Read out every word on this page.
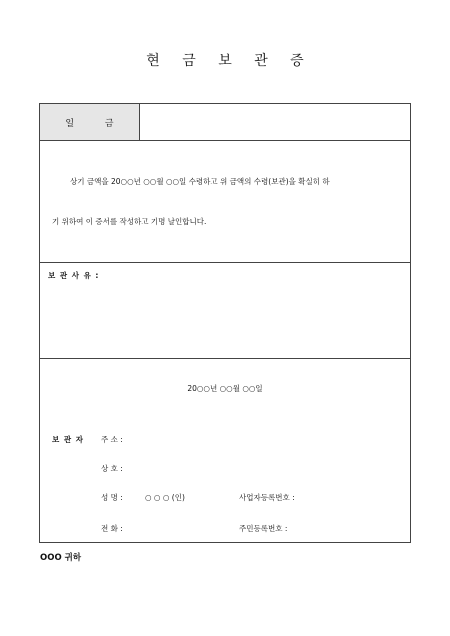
현 금 보 관 증
일 금
상기 금액을 20○○년 ○○월 ○○일 수령하고 위 금액의 수령(보관)을 확실히 하
기 위하여 이 증서를 작성하고 기명 날인합니다.
보 관 사 유 :
20○○년 ○○월 ○○일
보 관 자 주 소 :
상 호 :
성 명 :	○ ○ ○ (인)
전 화 :
사업자등록번호 :
주민등록번호 :
OOO 귀하
